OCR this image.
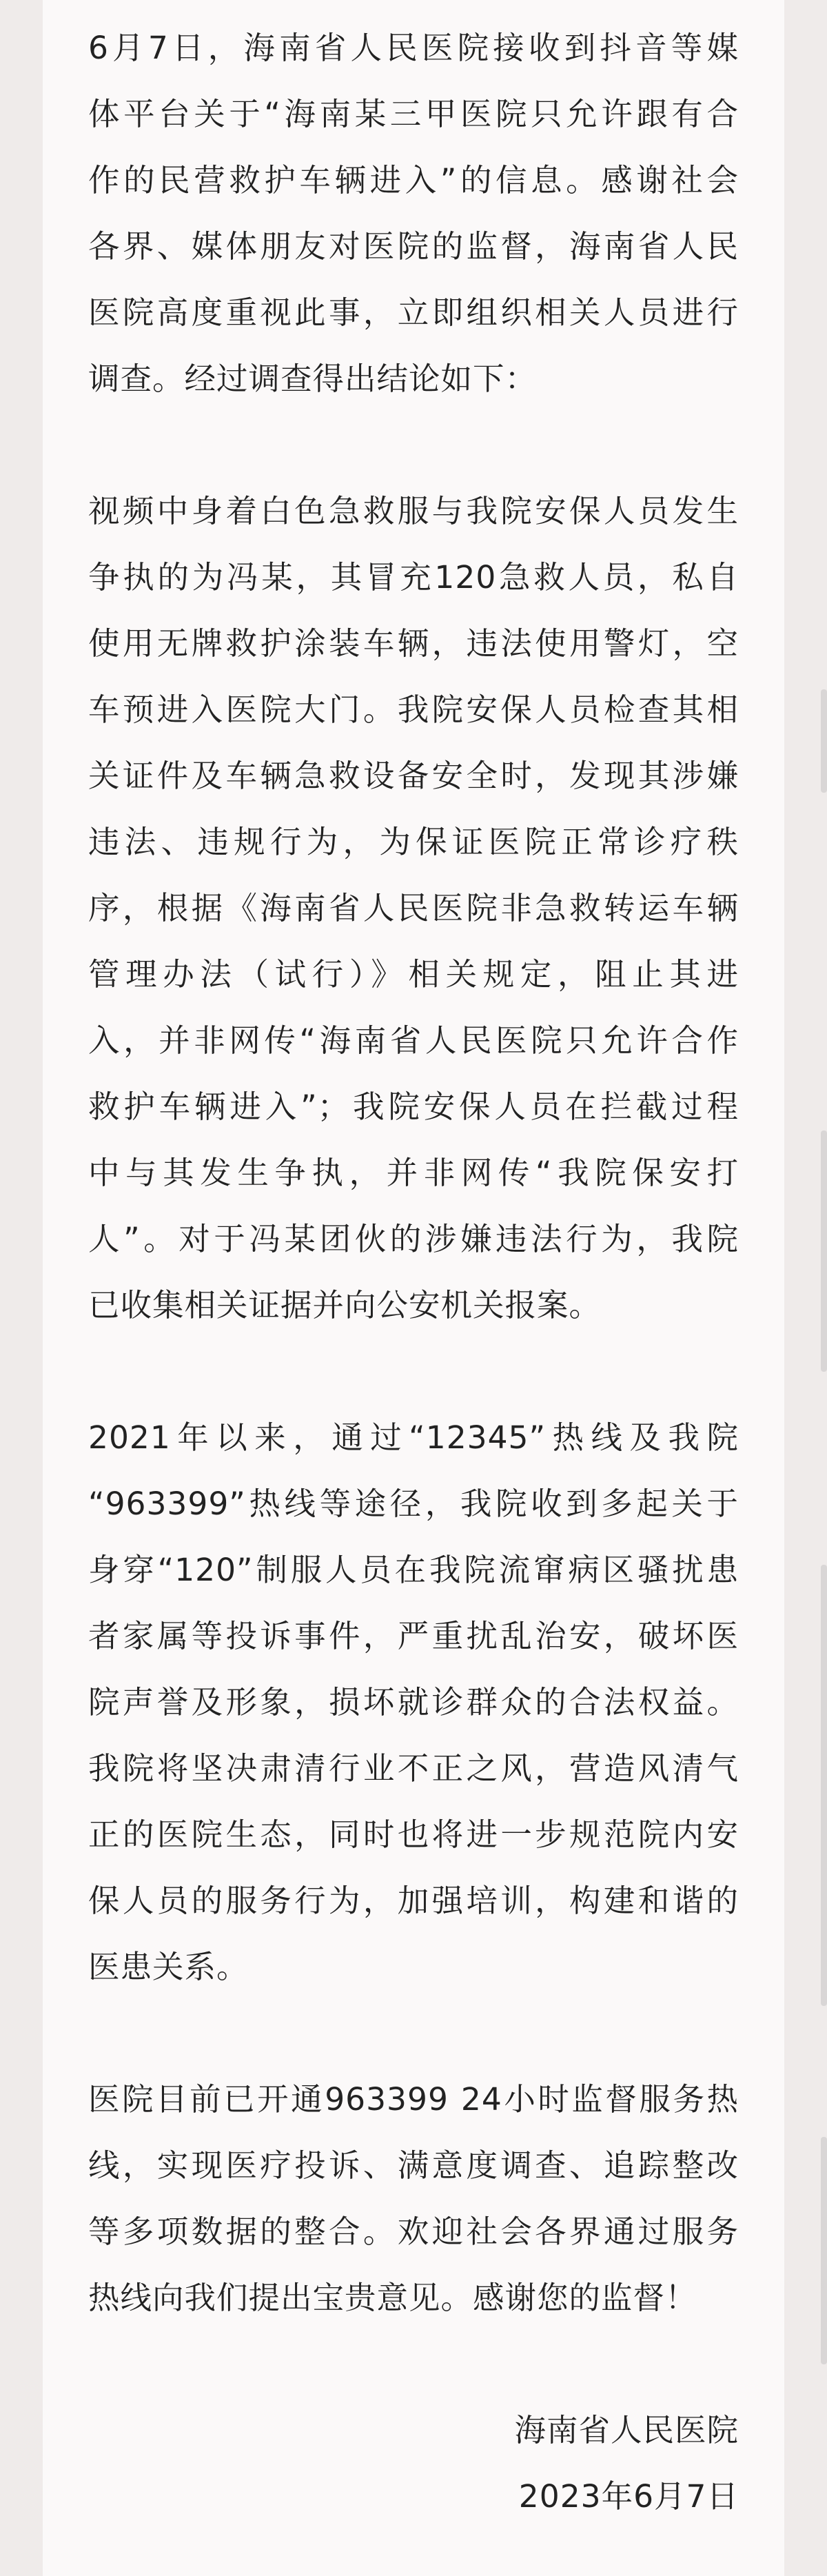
6月7日，海南省人民医院接收到抖音等媒
体平台关于“海南某三甲医院只允许跟有合
作的民营救护车辆进入”的信息。感谢社会
各界、媒体朋友对医院的监督，海南省人民
医院高度重视此事，立即组织相关人员进行
调查。经过调查得出结论如下：
视频中身着白色急救服与我院安保人员发生
争执的为冯某，其冒充120急救人员，私自
使用无牌救护涂装车辆，违法使用警灯，空
车预进入医院大门。我院安保人员检查其相
关证件及车辆急救设备安全时，发现其涉嫌
违法、违规行为，为保证医院正常诊疗秩
序，根据《海南省人民医院非急救转运车辆
管理办法（试行）》相关规定，阻止其进
入，并非网传“海南省人民医院只允许合作
救护车辆进入”；我院安保人员在拦截过程
中与其发生争执，并非网传“我院保安打
人”。对于冯某团伙的涉嫌违法行为，我院
已收集相关证据并向公安机关报案。
2021年以来，通过“12345”热线及我院
“963399”热线等途径，我院收到多起关于
身穿“120”制服人员在我院流窜病区骚扰患
者家属等投诉事件，严重扰乱治安，破坏医
院声誉及形象，损坏就诊群众的合法权益。
我院将坚决肃清行业不正之风，营造风清气
正的医院生态，同时也将进一步规范院内安
保人员的服务行为，加强培训，构建和谐的
医患关系。
医院目前已开通963399 24小时监督服务热
线，实现医疗投诉、满意度调查、追踪整改
等多项数据的整合。欢迎社会各界通过服务
热线向我们提出宝贵意见。感谢您的监督！
海南省人民医院
2023年6月7日
